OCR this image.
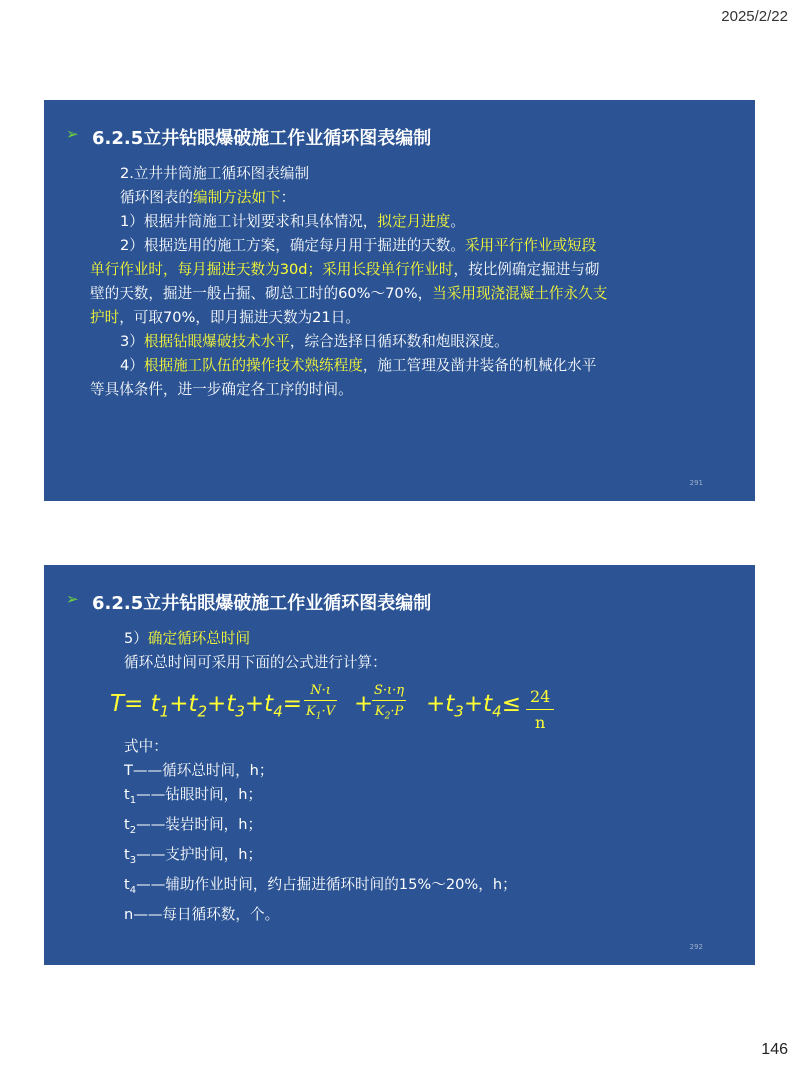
2025/2/22
➢ 6.2.5立井钻眼爆破施工作业循环图表编制

2.立井井筒施工循环图表编制

循环图表的编制方法如下：

1）根据井筒施工计划要求和具体情况，拟定月进度。

2）根据选用的施工方案，确定每月用于掘进的天数。采用平行作业或短段单行作业时，每月掘进天数为30d；采用长段单行作业时，按比例确定掘进与砌壁的天数，掘进一般占掘、砌总工时的60%～70%，当采用现浇混凝土作永久支护时，可取70%，即月掘进天数为21日。

3）根据钻眼爆破技术水平，综合选择日循环数和炮眼深度。

4）根据施工队伍的操作技术熟练程度，施工管理及凿井装备的机械化水平等具体条件，进一步确定各工序的时间。

291
➢ 6.2.5立井钻眼爆破施工作业循环图表编制

5）确定循环总时间

循环总时间可采用下面的公式进行计算：

$T= t_1+t_2+t_3+t_4= \frac{N\cdot\iota}{K_1\cdot V}$ +
$\frac{S\cdot\iota\cdot\eta}{K_2\cdot P} +t_3+t_4\le \frac{24}{n}$

式中：

T——循环总时间，h；

$t_1——$钻眼时间，h；

$t_2——$装岩时间，h；

$t_3——$支护时间，h；

$t_4——$辅助作业时间，约占掘进循环时间的15%～20%，h；

n——每日循环数，个。

292
146
